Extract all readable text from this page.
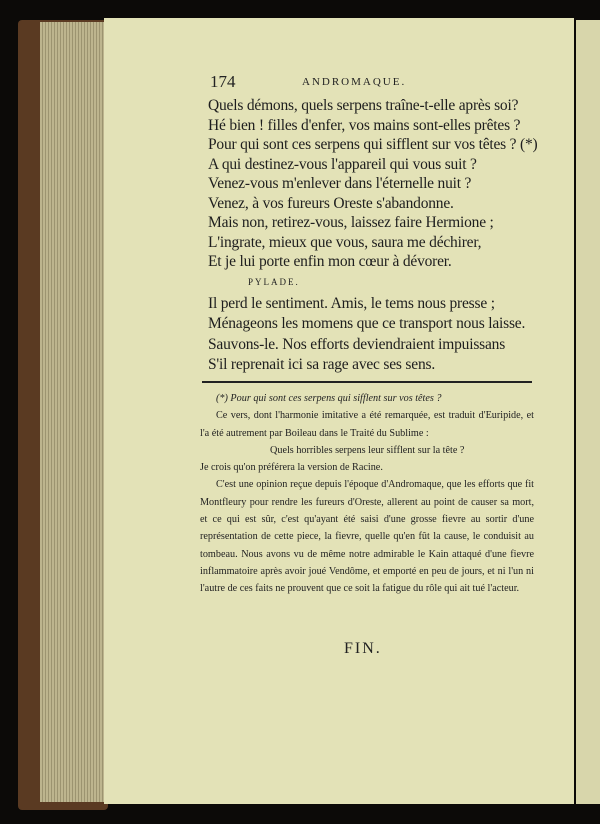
174	ANDROMAQUE.
Quels démons, quels serpens traîne-t-elle après soi?
Hé bien ! filles d'enfer, vos mains sont-elles prêtes ?
Pour qui sont ces serpens qui sifflent sur vos têtes ? (*)
A qui destinez-vous l'appareil qui vous suit ?
Venez-vous m'enlever dans l'éternelle nuit ?
Venez, à vos fureurs Oreste s'abandonne.
Mais non, retirez-vous, laissez faire Hermione ;
L'ingrate, mieux que vous, saura me déchirer,
Et je lui porte enfin mon cœur à dévorer.
PYLADE.
Il perd le sentiment. Amis, le tems nous presse ;
Ménageons les momens que ce transport nous laisse.
Sauvons-le. Nos efforts deviendraient impuissans
S'il reprenait ici sa rage avec ses sens.

(*) Pour qui sont ces serpens qui sifflent sur vos têtes ?

Ce vers, dont l'harmonie imitative a été remarquée, est traduit d'Euripide, et l'a été autrement par Boileau dans le Traité du Sublime :

Quels horribles serpens leur sifflent sur la tête ?

Je crois qu'on préférera la version de Racine.

C'est une opinion reçue depuis l'époque d'Andromaque, que les efforts que fit Montfleury pour rendre les fureurs d'Oreste, allerent au point de causer sa mort, et ce qui est sûr, c'est qu'ayant été saisi d'une grosse fievre au sortir d'une représentation de cette piece, la fievre, quelle qu'en fût la cause, le conduisit au tombeau. Nous avons vu de même notre admirable le Kain attaqué d'une fievre inflammatoire après avoir joué Vendôme, et emporté en peu de jours, et ni l'un ni l'autre de ces faits ne prouvent que ce soit la fatigue du rôle qui ait tué l'acteur.

FIN.
